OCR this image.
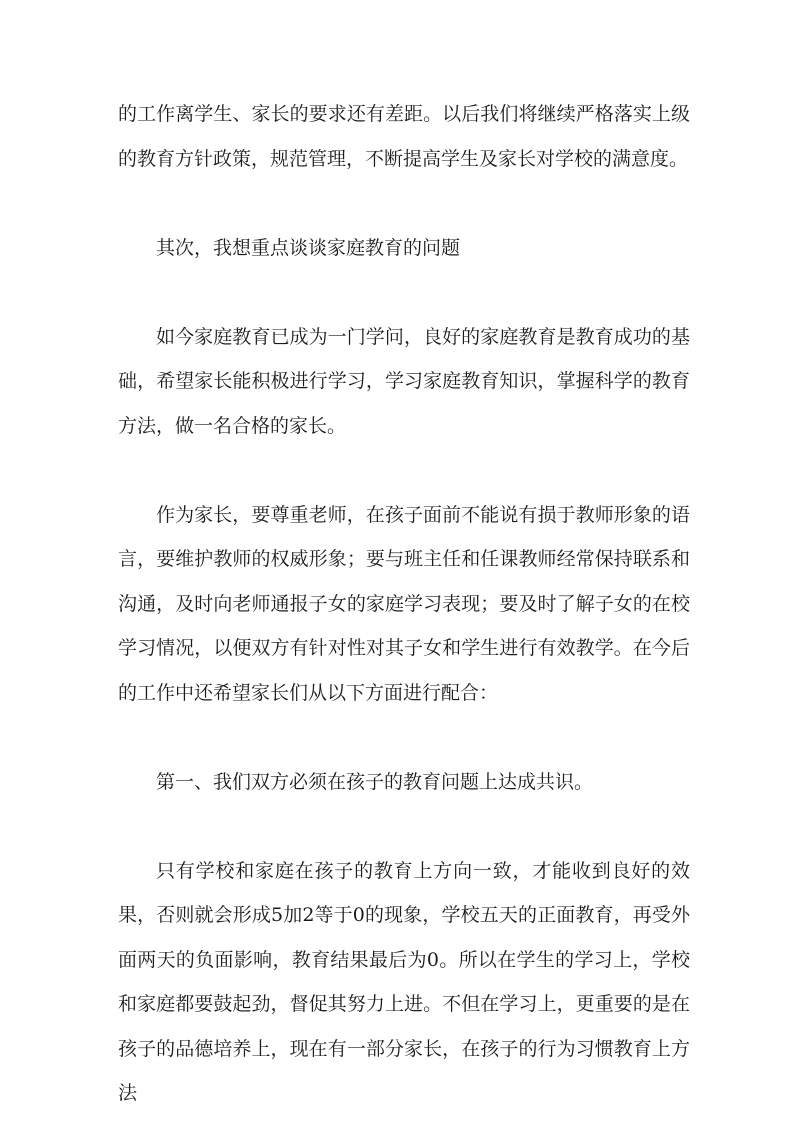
的工作离学生、家长的要求还有差距。以后我们将继续严格落实上级的教育方针政策，规范管理，不断提高学生及家长对学校的满意度。

其次，我想重点谈谈家庭教育的问题

如今家庭教育已成为一门学问，良好的家庭教育是教育成功的基础，希望家长能积极进行学习，学习家庭教育知识，掌握科学的教育方法，做一名合格的家长。

作为家长，要尊重老师，在孩子面前不能说有损于教师形象的语言，要维护教师的权威形象；要与班主任和任课教师经常保持联系和沟通，及时向老师通报子女的家庭学习表现；要及时了解子女的在校学习情况，以便双方有针对性对其子女和学生进行有效教学。在今后的工作中还希望家长们从以下方面进行配合：

第一、我们双方必须在孩子的教育问题上达成共识。

只有学校和家庭在孩子的教育上方向一致，才能收到良好的效果，否则就会形成5加2等于0的现象，学校五天的正面教育，再受外面两天的负面影响，教育结果最后为0。所以在学生的学习上，学校和家庭都要鼓起劲，督促其努力上进。不但在学习上，更重要的是在孩子的品德培养上，现在有一部分家长，在孩子的行为习惯教育上方法
